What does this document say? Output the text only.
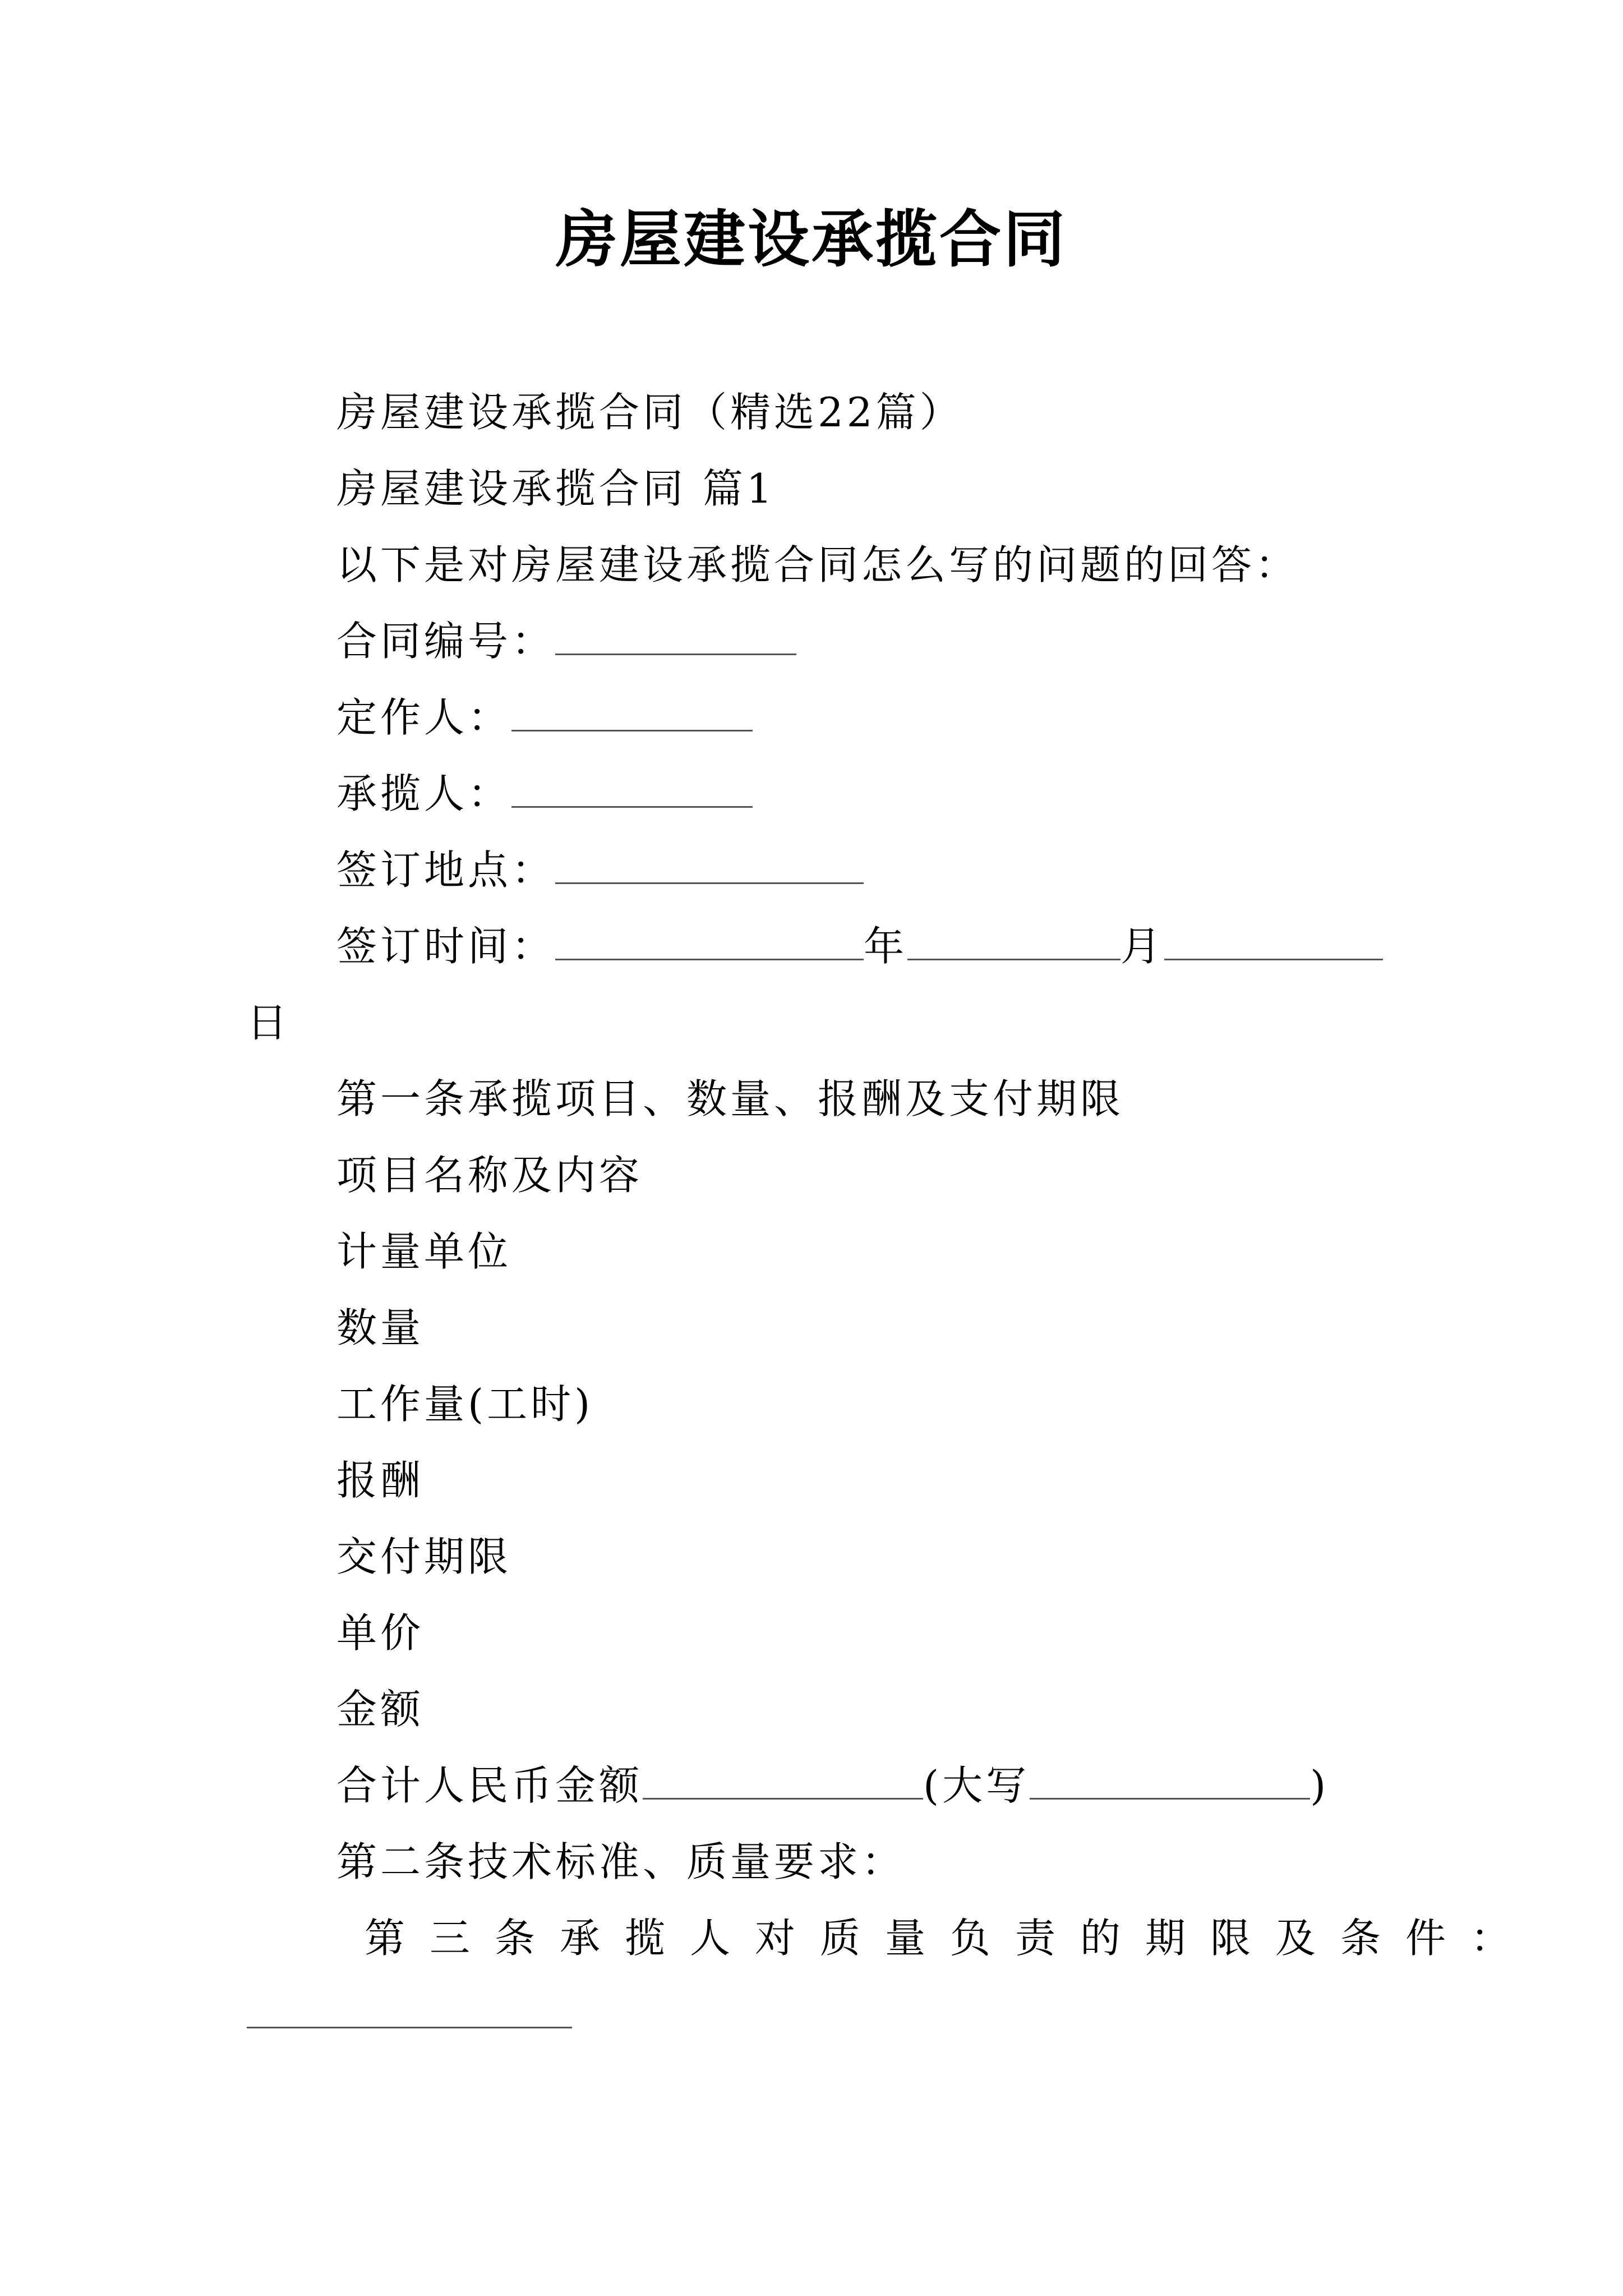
房屋建设承揽合同
房屋建设承揽合同（精选22篇）
房屋建设承揽合同 篇1
以下是对房屋建设承揽合同怎么写的问题的回答：
合同编号：
定作人：
承揽人：
签订地点：
签订时间：	年	月
日
第一条承揽项目、数量、报酬及支付期限
项目名称及内容
计量单位
数量
工作量(工时)
报酬
交付期限
单价
金额
合计人民币金额	(大写	)
第二条技术标准、质量要求：
第三条承揽人对质量负责的期限及条件：
